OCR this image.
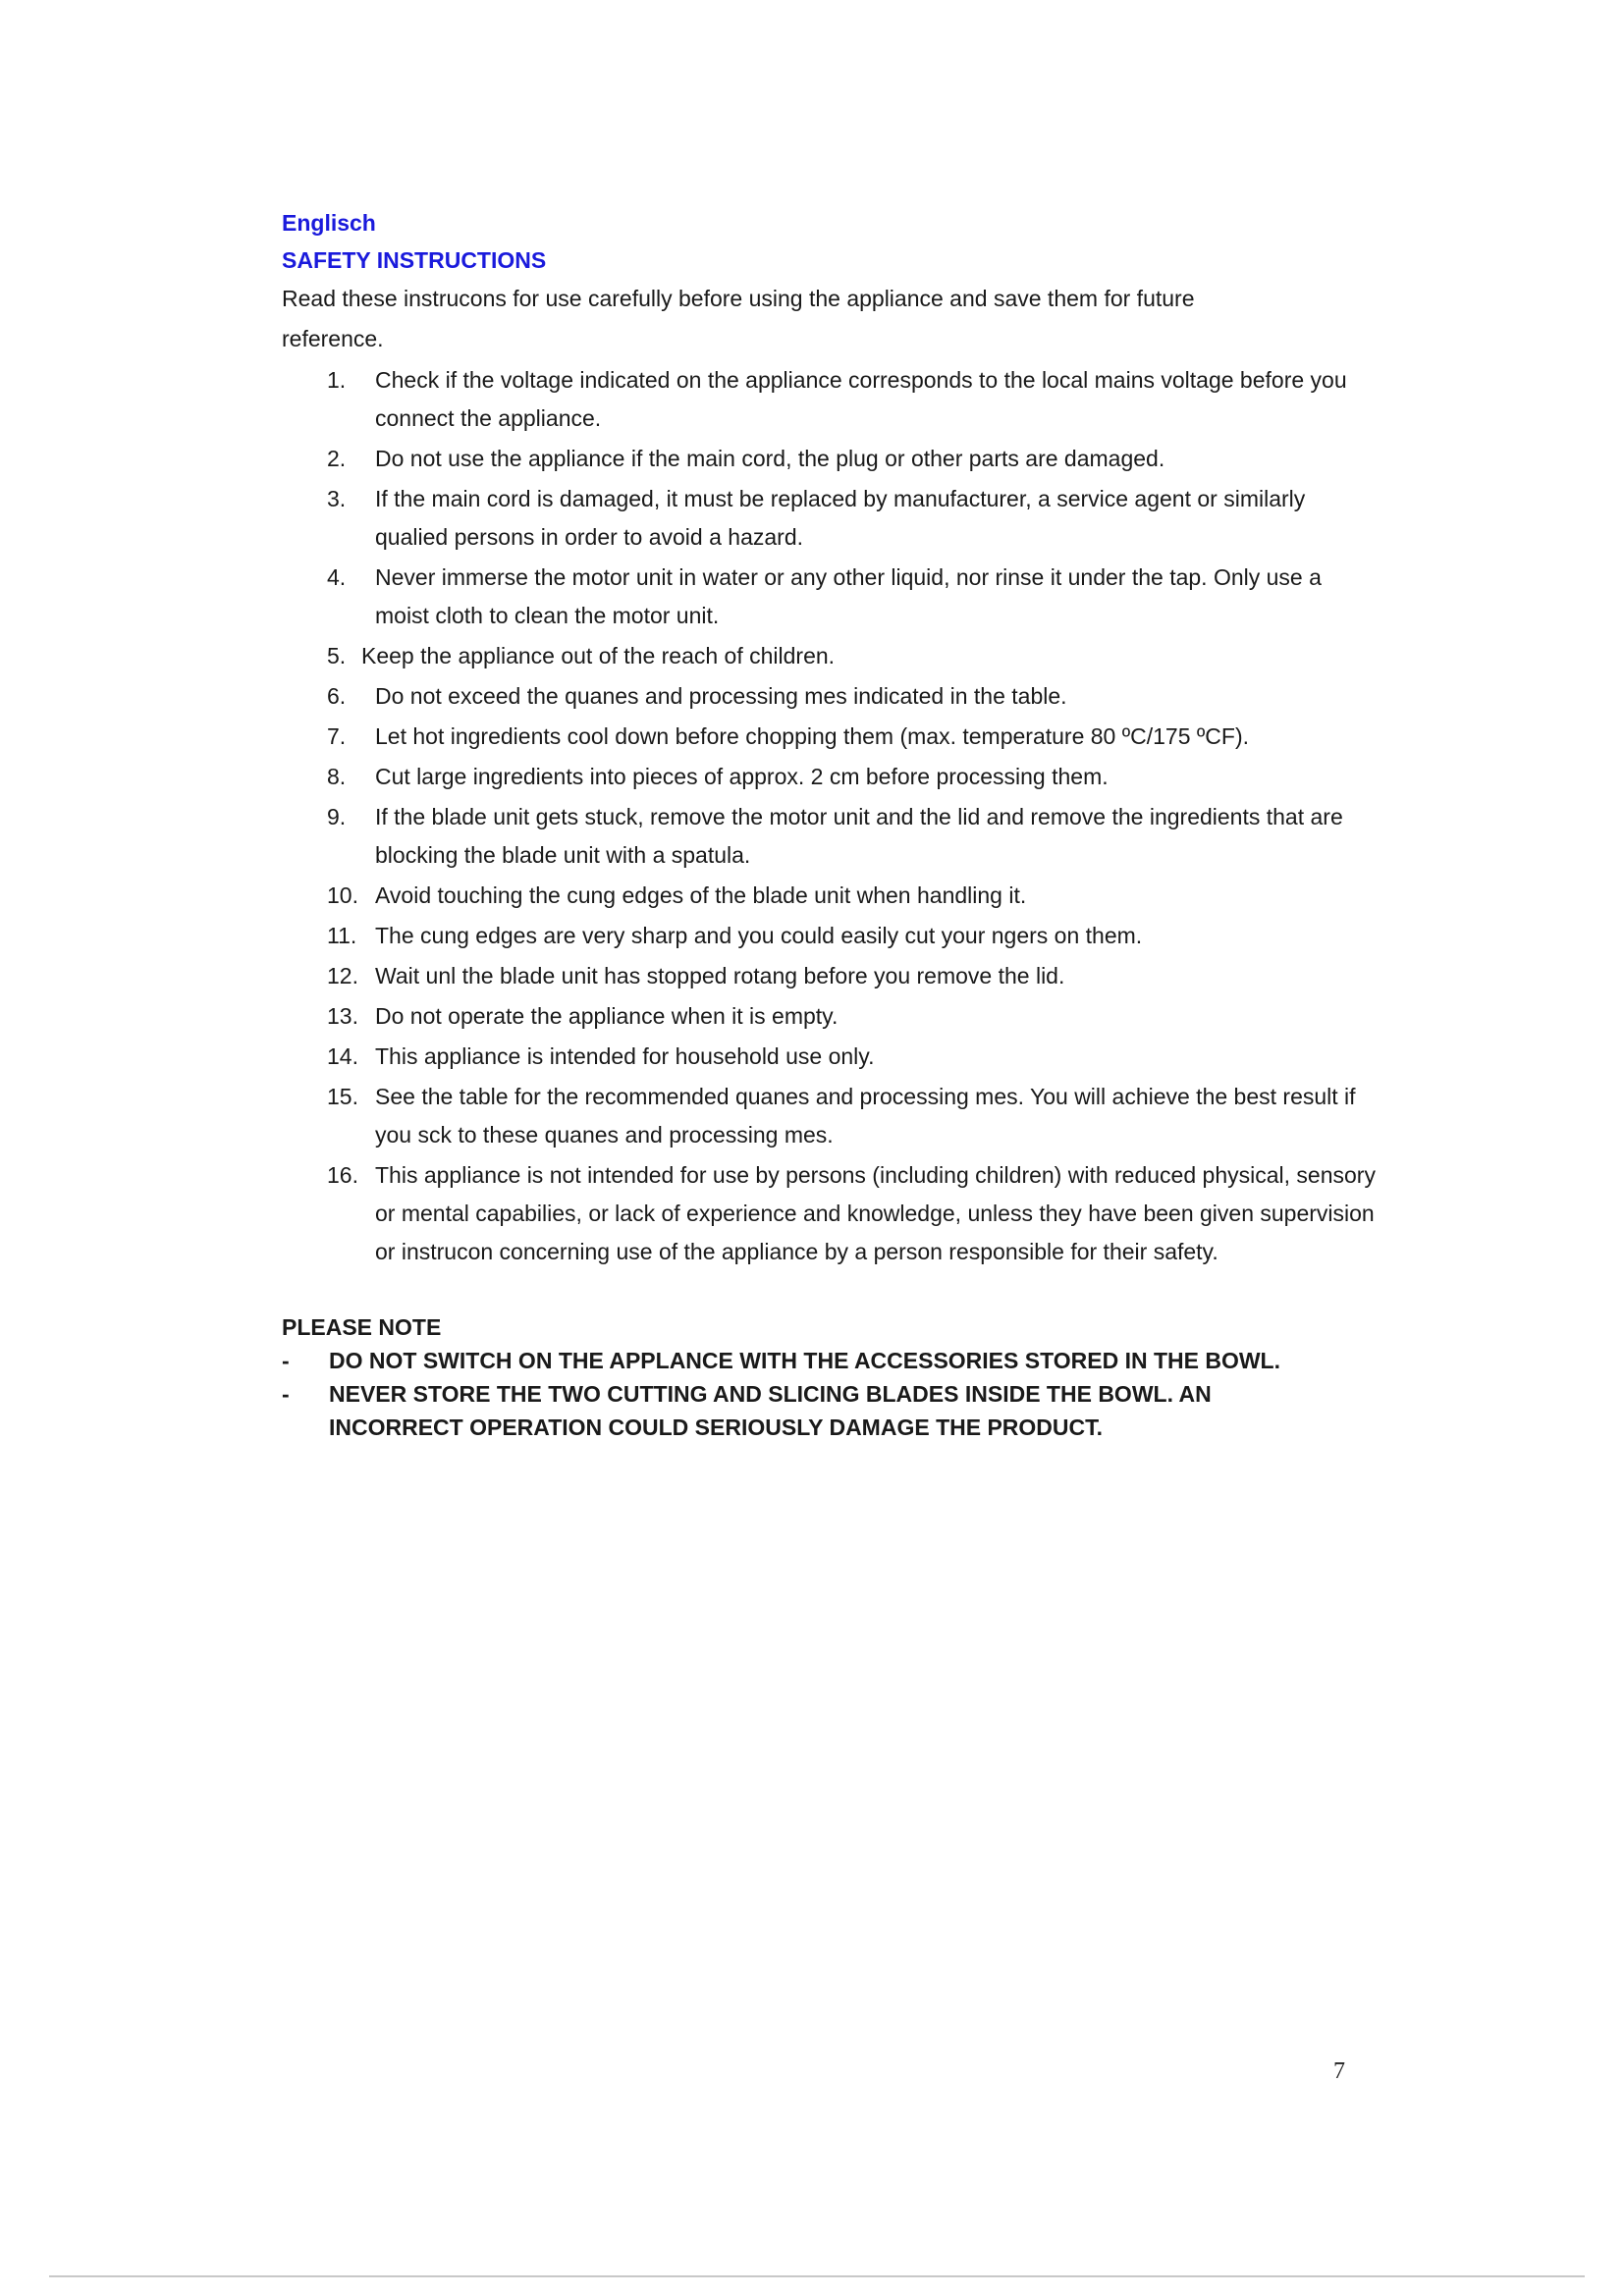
Englisch

SAFETY INSTRUCTIONS

Read these instrucons for use carefully before using the appliance and save them for future reference.

1.	Check if the voltage indicated on the appliance corresponds to the local mains voltage before you connect the appliance.
2.	Do not use the appliance if the main cord, the plug or other parts are damaged.
3.	If the main cord is damaged, it must be replaced by manufacturer, a service agent or similarly qualied persons in order to avoid a hazard.
4.	Never immerse the motor unit in water or any other liquid, nor rinse it under the tap. Only use a moist cloth to clean the motor unit.
5. Keep the appliance out of the reach of children.
6.	Do not exceed the quanes and processing mes indicated in the table.
7.	Let hot ingredients cool down before chopping them (max. temperature 80 ºC/175 ºCF).
8.	Cut large ingredients into pieces of approx. 2 cm before processing them.
9.	If the blade unit gets stuck, remove the motor unit and the lid and remove the ingredients that are blocking the blade unit with a spatula.
10. Avoid touching the cung edges of the blade unit when handling it.
11. The cung edges are very sharp and you could easily cut your ngers on them.
12. Wait unl the blade unit has stopped rotang before you remove the lid.
13. Do not operate the appliance when it is empty.
14. This appliance is intended for household use only.
15. See the table for the recommended quanes and processing mes. You will achieve the best result if you sck to these quanes and processing mes.
16. This appliance is not intended for use by persons (including children) with reduced physical, sensory or mental capabilies, or lack of experience and knowledge, unless they have been given supervision or instrucon concerning use of the appliance by a person responsible for their safety.

PLEASE NOTE

- DO NOT SWITCH ON THE APPLANCE WITH THE ACCESSORIES STORED IN THE BOWL.
- NEVER STORE THE TWO CUTTING AND SLICING BLADES INSIDE THE BOWL. AN INCORRECT OPERATION COULD SERIOUSLY DAMAGE THE PRODUCT.
7
